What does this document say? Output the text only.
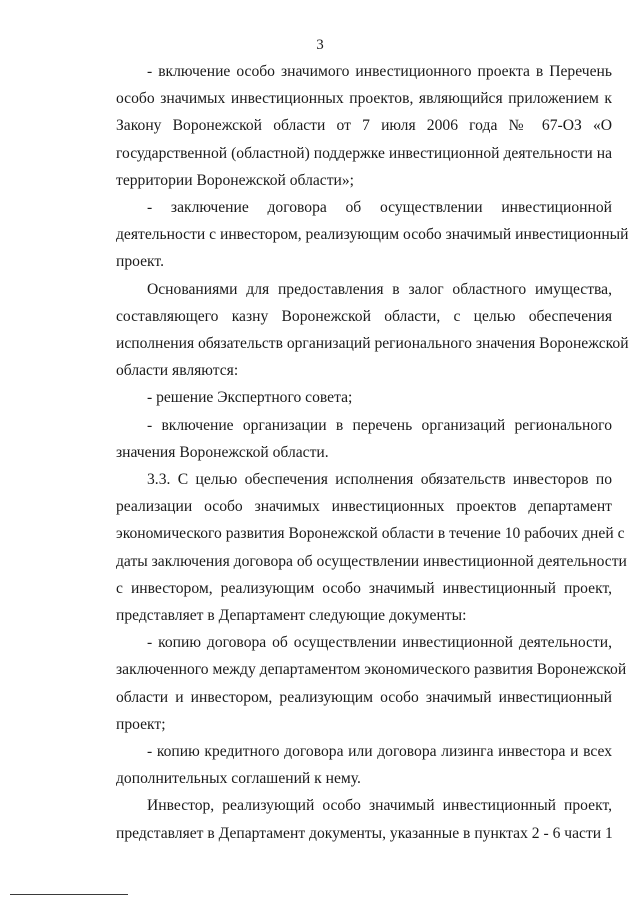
3
- включение особо значимого инвестиционного проекта в Перечень
особо значимых инвестиционных проектов, являющийся приложением к
Закону Воронежской области от 7 июля 2006 года № 67-ОЗ «О
государственной (областной) поддержке инвестиционной деятельности на
территории Воронежской области»;
- заключение договора об осуществлении инвестиционной
деятельности с инвестором, реализующим особо значимый инвестиционный
проект.
Основаниями для предоставления в залог областного имущества,
составляющего казну Воронежской области, с целью обеспечения
исполнения обязательств организаций регионального значения Воронежской
области являются:
- решение Экспертного совета;
- включение организации в перечень организаций регионального
значения Воронежской области.
3.3. С целью обеспечения исполнения обязательств инвесторов по
реализации особо значимых инвестиционных проектов департамент
экономического развития Воронежской области в течение 10 рабочих дней с
даты заключения договора об осуществлении инвестиционной деятельности
с инвестором, реализующим особо значимый инвестиционный проект,
представляет в Департамент следующие документы:
- копию договора об осуществлении инвестиционной деятельности,
заключенного между департаментом экономического развития Воронежской
области и инвестором, реализующим особо значимый инвестиционный
проект;
- копию кредитного договора или договора лизинга инвестора и всех
дополнительных соглашений к нему.
Инвестор, реализующий особо значимый инвестиционный проект,
представляет в Департамент документы, указанные в пунктах 2 - 6 части 1
